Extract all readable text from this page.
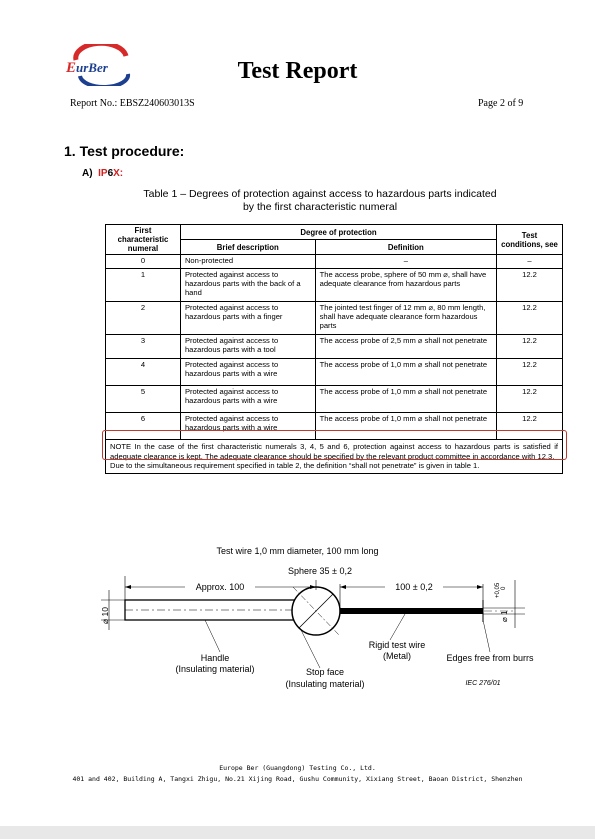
E urBer	Test Report
Report No.: EBSZ240603013S	Page 2 of 9
1. Test procedure:
A)  IP6X:
Table 1 – Degrees of protection against access to hazardous parts indicated
by the first characteristic numeral
First characteristic numeral	Degree of protection		Test conditions, see
	Brief description	Definition	
0	Non-protected	–	–
1	Protected against access to hazardous parts with the back of a hand	The access probe, sphere of 50 mm ⌀, shall have adequate clearance from hazardous parts	12.2
2	Protected against access to hazardous parts with a finger	The jointed test finger of 12 mm ⌀, 80 mm length, shall have adequate clearance form hazardous parts	12.2
3	Protected against access to hazardous parts with a tool	The access probe of 2,5 mm ⌀ shall not penetrate	12.2
4	Protected against access to hazardous parts with a wire	The access probe of 1,0 mm ⌀ shall not penetrate	12.2
5	Protected against access to hazardous parts with a wire	The access probe of 1,0 mm ⌀ shall not penetrate	12.2
6	Protected against access to hazardous parts with a wire	The access probe of 1,0 mm ⌀ shall not penetrate	12.2

NOTE In the case of the first characteristic numerals 3, 4, 5 and 6, protection against access to hazardous parts is satisfied if adequate clearance is kept. The adequate clearance should be specified by the relevant product committee in accordance with 12.3.
Due to the simultaneous requirement specified in table 2, the definition “shall not penetrate” is given in table 1.			
Test wire 1,0 mm diameter, 100 mm long
Approx. 100	100 ± 0,2
Sphere 35 ± 0,2
⌀ 10	⌀ 1
+0,05 0
Handle
(Insulating material)	Stop face
(Insulating material)
Rigid test wire
(Metal)	Edges free from burrs
IEC 276/01
Europe Ber (Guangdong) Testing Co., Ltd.
401 and 402, Building A, Tangxi Zhigu, No.21 Xijing Road, Gushu Community, Xixiang Street, Baoan District, Shenzhen
